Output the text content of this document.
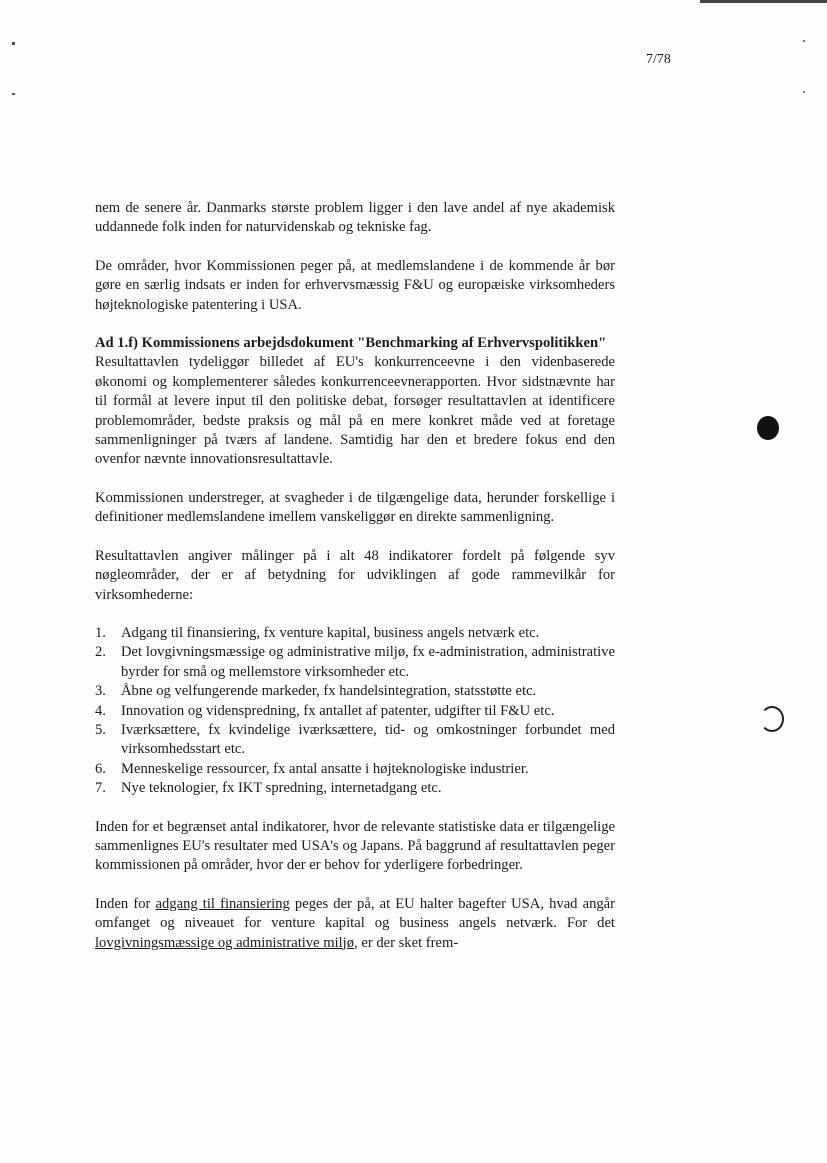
7/78

nem de senere år. Danmarks største problem ligger i den lave andel af nye akademisk uddannede folk inden for naturvidenskab og tekniske fag.

De områder, hvor Kommissionen peger på, at medlemslandene i de kommende år bør gøre en særlig indsats er inden for erhvervsmæssig F&U og europæiske virksomheders højteknologiske patentering i USA.

Ad 1.f) Kommissionens arbejdsdokument "Benchmarking af Erhvervspolitikken"

Resultattavlen tydeliggør billedet af EU's konkurrenceevne i den videnbaserede økonomi og komplementerer således konkurrenceevnerapporten. Hvor sidstnævnte har til formål at levere input til den politiske debat, forsøger resultattavlen at identificere problemområder, bedste praksis og mål på en mere konkret måde ved at foretage sammenligninger på tværs af landene. Samtidig har den et bredere fokus end den ovenfor nævnte innovationsresultattavle.

Kommissionen understreger, at svagheder i de tilgængelige data, herunder forskellige i definitioner medlemslandene imellem vanskeliggør en direkte sammenligning.

Resultattavlen angiver målinger på i alt 48 indikatorer fordelt på følgende syv nøgleområder, der er af betydning for udviklingen af gode rammevilkår for virksomhederne:

1.	Adgang til finansiering, fx venture kapital, business angels netværk etc.
2.	Det lovgivningsmæssige og administrative miljø, fx e-administration, administrative byrder for små og mellemstore virksomheder etc.
3.	Åbne og velfungerende markeder, fx handelsintegration, statsstøtte etc.
4.	Innovation og videnspredning, fx antallet af patenter, udgifter til F&U etc.
5.	Iværksættere, fx kvindelige iværksættere, tid- og omkostninger forbundet med virksomhedsstart etc.
6.	Menneskelige ressourcer, fx antal ansatte i højteknologiske industrier.
7.	Nye teknologier, fx IKT spredning, internetadgang etc.

Inden for et begrænset antal indikatorer, hvor de relevante statistiske data er tilgængelige sammenlignes EU's resultater med USA's og Japans. På baggrund af resultattavlen peger kommissionen på områder, hvor der er behov for yderligere forbedringer.

Inden for adgang til finansiering peges der på, at EU halter bagefter USA, hvad angår omfanget og niveauet for venture kapital og business angels netværk. For det lovgivningsmæssige og administrative miljø, er der sket frem-
